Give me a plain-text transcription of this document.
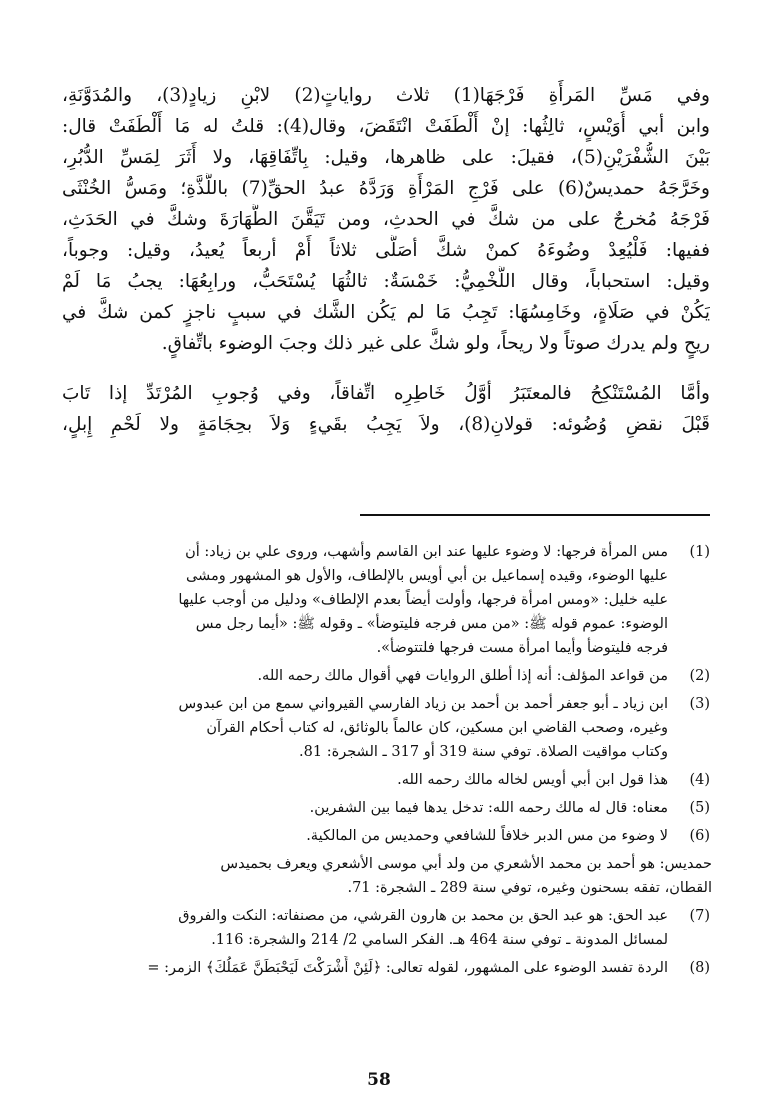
وفي مَسِّ المَرأَةِ فَرْجَهَا(1) ثلاث رواياتٍ(2) لابْنِ زيادٍ(3)، والمُدَوَّنَةِ،
وابن أبي أُوَيْسٍ، ثالِثُها: إنْ أَلْطَفَتْ انْتَقَضَ، وقال(4): قلتُ له مَا أَلْطَفَتْ قال:
بَيْنَ الشُّفْرَيْنِ(5)، فقيلَ: على ظاهرها، وقيل: بِاتِّفَاقِهَا، ولا أَثَرَ لِمَسِّ الدُّبُرِ،
وخَرَّجَهُ حمديسٌ(6) على فَرْجِ المَرْأَةِ وَرَدَّهُ عبدُ الحقِّ(7) باللَّذَّةِ؛ ومَسُّ الخُنْثَى
فَرْجَهُ مُخرجٌ على من شكَّ في الحدثِ، ومن تَيَقَّنَ الطَّهَارَةَ وشكَّ في الحَدَثِ،
ففيها: فَلْيُعِدْ وضُوءَهُ كمنْ شكَّ أصَلَّى ثلاثاً أَمْ أربعاً يُعيدُ، وقيل: وجوباً،
وقيل: استحباباً، وقال اللَّخْمِيُّ: خَمْسَةٌ: ثالثُهَا يُسْتَحَبُّ، ورابِعُهَا: يجبُ مَا لَمْ
يَكُنْ في صَلَاةٍ، وخَامِسُهَا: تَجِبُ مَا لم يَكُن الشَّك في سببٍ ناجزٍ كمن شكَّ في
ريحٍ ولم يدرك صوتاً ولا ريحاً، ولو شكَّ على غير ذلك وجبَ الوضوء باتِّفاقٍ.
وأمَّا المُسْتَنْكِحُ فالمعتَبَرُ أوَّلُ خَاطِرِه اتِّفاقاً، وفي وُجوبِ المُرْتَدِّ إذا تَابَ
قَبْلَ نقضِ وُضُوئه: قولانِ(8)، ولاَ يَجِبُ بقَيءٍ وَلاَ بحِجَامَةٍ ولا لَحْمِ إِبلٍ،
(1)
مس المرأة فرجها: لا وضوء عليها عند ابن القاسم وأشهب، وروى علي بن زياد: أن
عليها الوضوء، وقيده إسماعيل بن أبي أويس بالإلطاف، والأول هو المشهور ومشى
عليه خليل: «ومس امرأة فرجها، وأولت أيضاً بعدم الإلطاف» ودليل من أوجب عليها
الوضوء: عموم قوله ﷺ: «من مس فرجه فليتوضأ» ـ وقوله ﷺ: «أيما رجل مس
فرجه فليتوضأ وأيما امرأة مست فرجها فلتتوضأ».
(2)
من قواعد المؤلف: أنه إذا أطلق الروايات فهي أقوال مالك رحمه الله.
(3)
ابن زياد ـ أبو جعفر أحمد بن أحمد بن زياد الفارسي القيرواني سمع من ابن عبدوس
وغيره، وصحب القاضي ابن مسكين، كان عالماً بالوثائق، له كتاب أحكام القرآن
وكتاب مواقيت الصلاة. توفي سنة 319 أو 317 ـ الشجرة: 81.
(4)
هذا قول ابن أبي أويس لخاله مالك رحمه الله.
(5)
معناه: قال له مالك رحمه الله: تدخل يدها فيما بين الشفرين.
(6)
لا وضوء من مس الدبر خلافاً للشافعي وحمديس من المالكية.
حمديس: هو أحمد بن محمد الأشعري من ولد أبي موسى الأشعري ويعرف بحميدس
القطان، تفقه بسحنون وغيره، توفي سنة 289 ـ الشجرة: 71.
(7)
عبد الحق: هو عبد الحق بن محمد بن هارون القرشي، من مصنفاته: النكت والفروق
لمسائل المدونة ـ توفي سنة 464 هـ. الفكر السامي 2/ 214 والشجرة: 116.
(8)
الردة تفسد الوضوء على المشهور، لقوله تعالى: ﴿لَئِنْ أَشْرَكْتَ لَيَحْبَطَنَّ عَمَلُكَ﴾ الزمر: =
58
